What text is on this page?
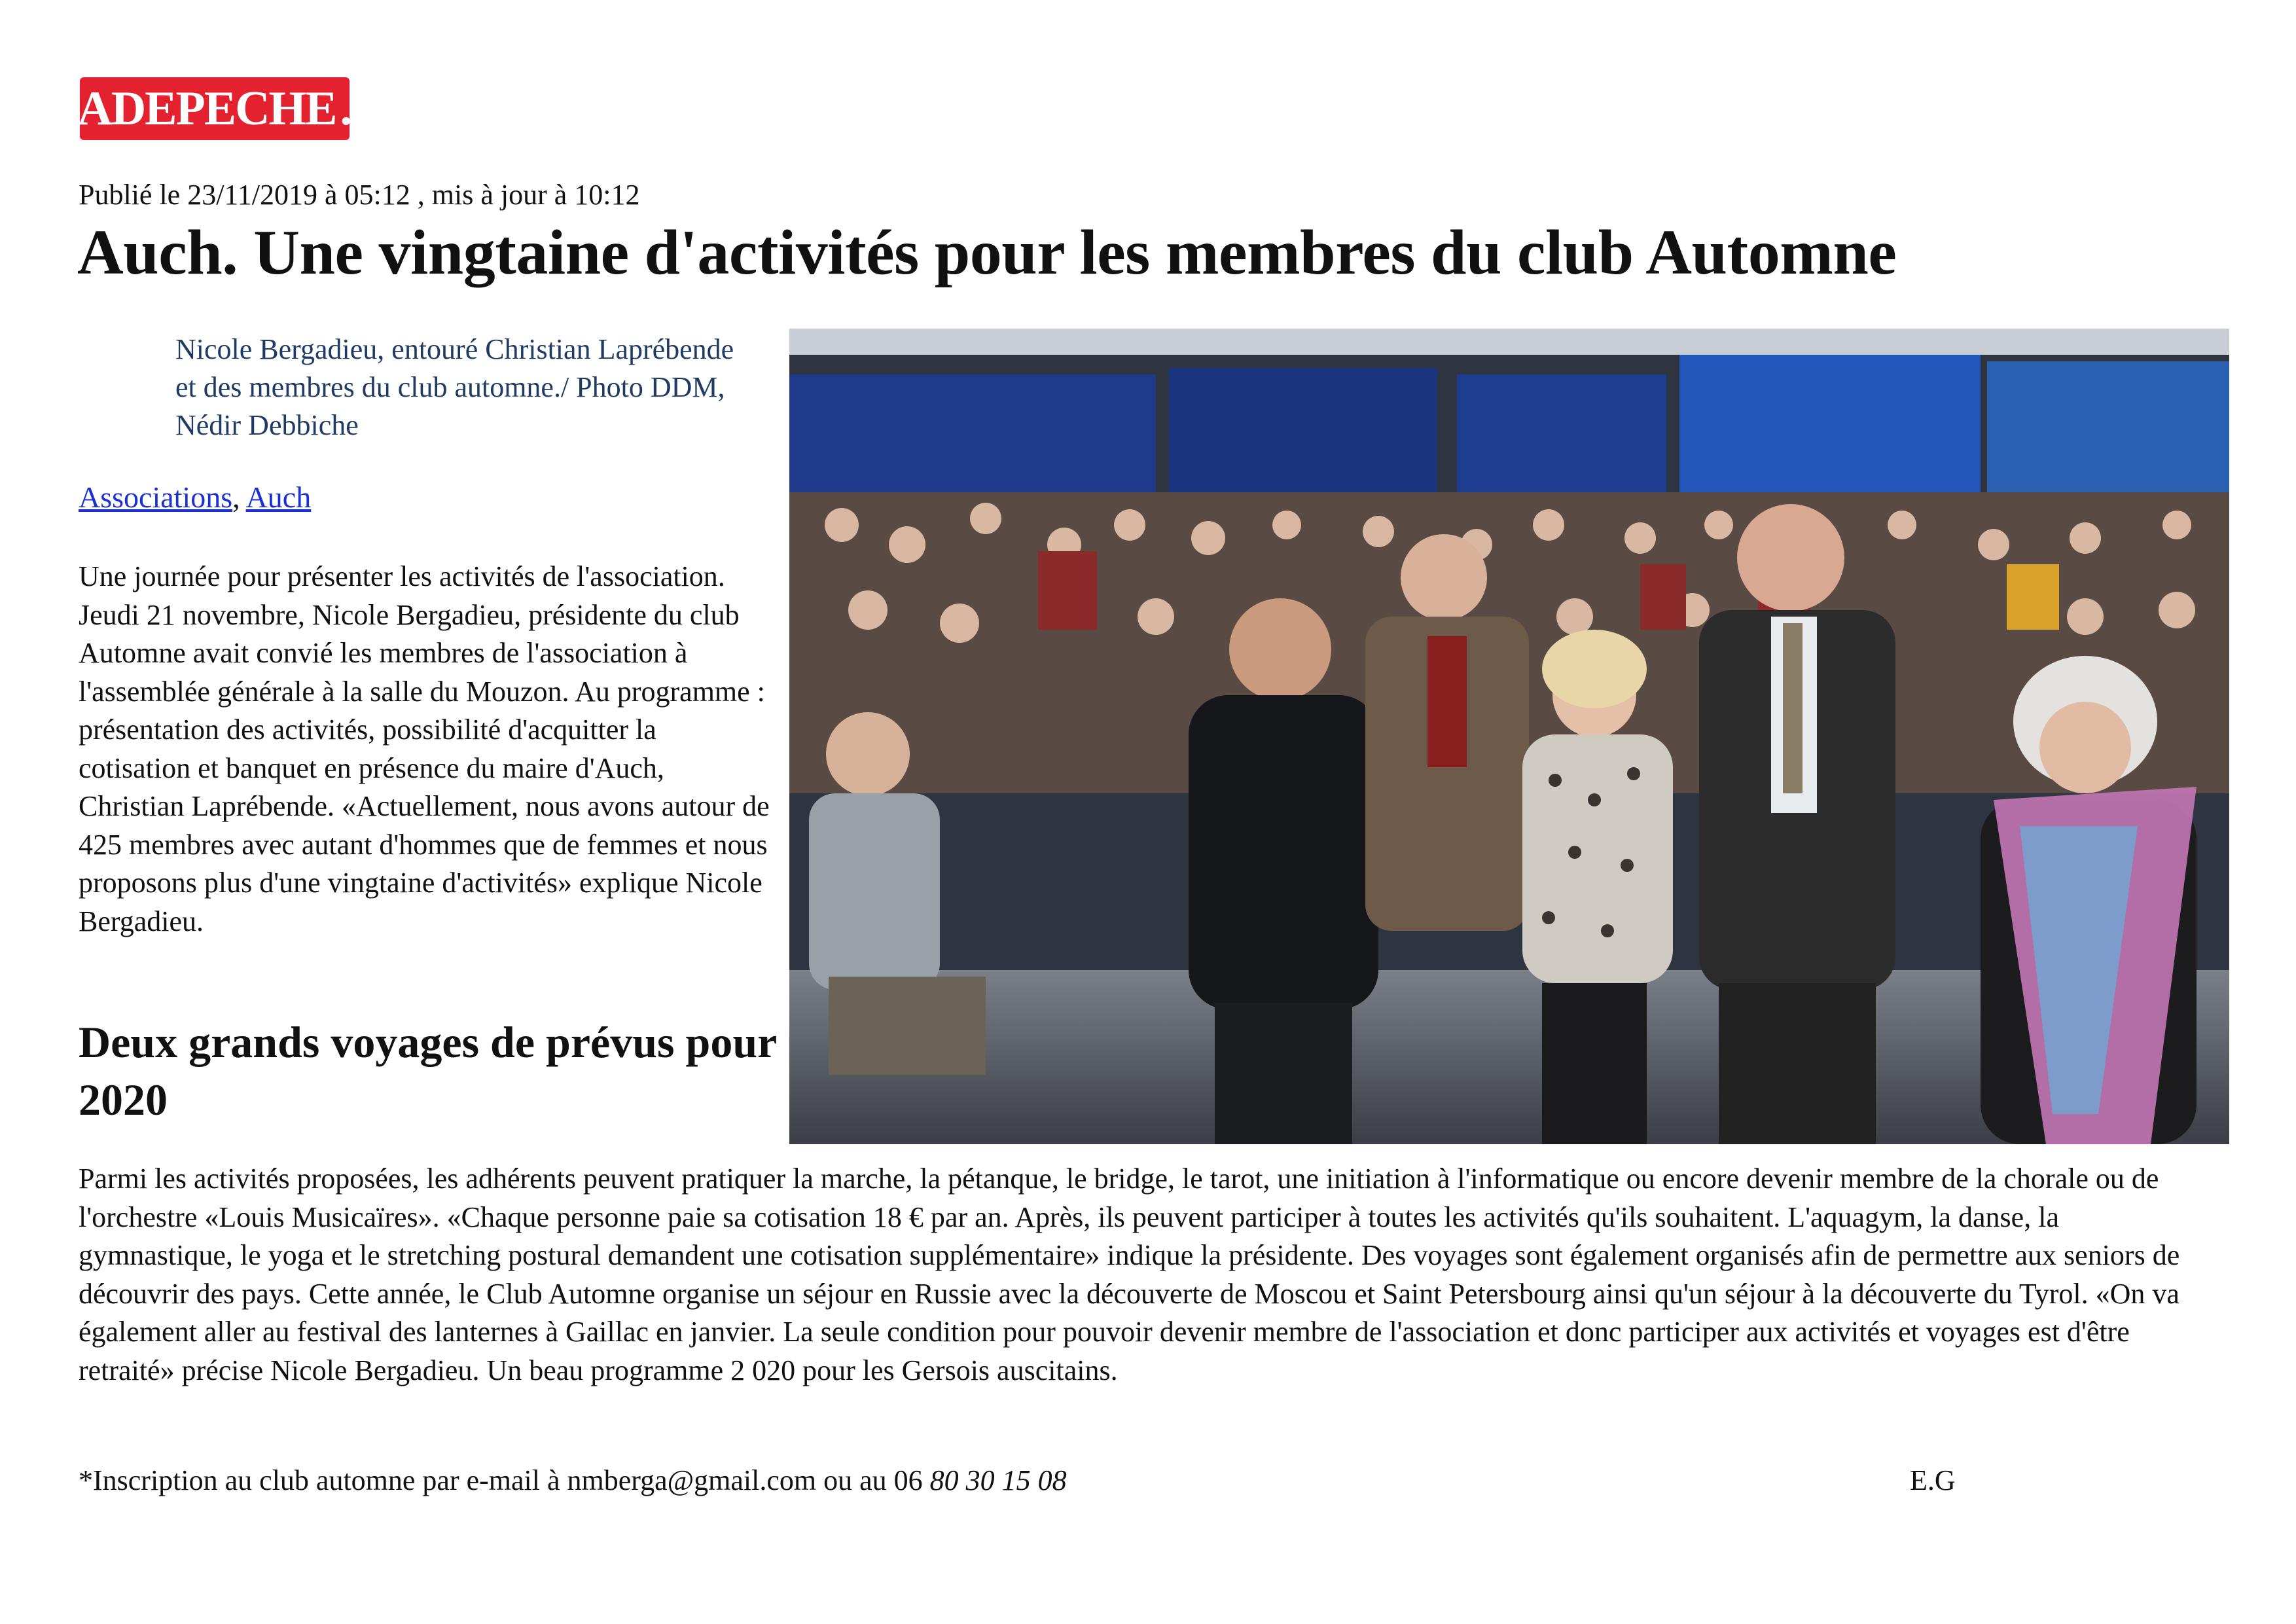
LADEPECHE . fr
Publié le 23/11/2019 à 05:12 , mis à jour à 10:12
Auch. Une vingtaine d'activités pour les membres du club Automne
Nicole Bergadieu, entouré Christian Laprébende et des membres du club automne./ Photo DDM, Nédir Debbiche
Associations, Auch

Une journée pour présenter les activités de l'association. Jeudi 21 novembre, Nicole Bergadieu, présidente du club Automne avait convié les membres de l'association à l'assemblée générale à la salle du Mouzon. Au programme : présentation des activités, possibilité d'acquitter la cotisation et banquet en présence du maire d'Auch, Christian Laprébende. «Actuellement, nous avons autour de 425 membres avec autant d'hommes que de femmes et nous proposons plus d'une vingtaine d'activités» explique Nicole Bergadieu.

Deux grands voyages de prévus pour 2020

Parmi les activités proposées, les adhérents peuvent pratiquer la marche, la pétanque, le bridge, le tarot, une initiation à l'informatique ou encore devenir membre de la chorale ou de l'orchestre «Louis Musicaïres». «Chaque personne paie sa cotisation 18 € par an. Après, ils peuvent participer à toutes les activités qu'ils souhaitent. L'aquagym, la danse, la gymnastique, le yoga et le stretching postural demandent une cotisation supplémentaire» indique la présidente. Des voyages sont également organisés afin de permettre aux seniors de découvrir des pays. Cette année, le Club Automne organise un séjour en Russie avec la découverte de Moscou et Saint Petersbourg ainsi qu'un séjour à la découverte du Tyrol. «On va également aller au festival des lanternes à Gaillac en janvier. La seule condition pour pouvoir devenir membre de l'association et donc participer aux activités et voyages est d'être retraité» précise Nicole Bergadieu. Un beau programme 2 020 pour les Gersois auscitains.

*Inscription au club automne par e-mail à nmberga@gmail.com ou au 06 80 30 15 08	E.G
